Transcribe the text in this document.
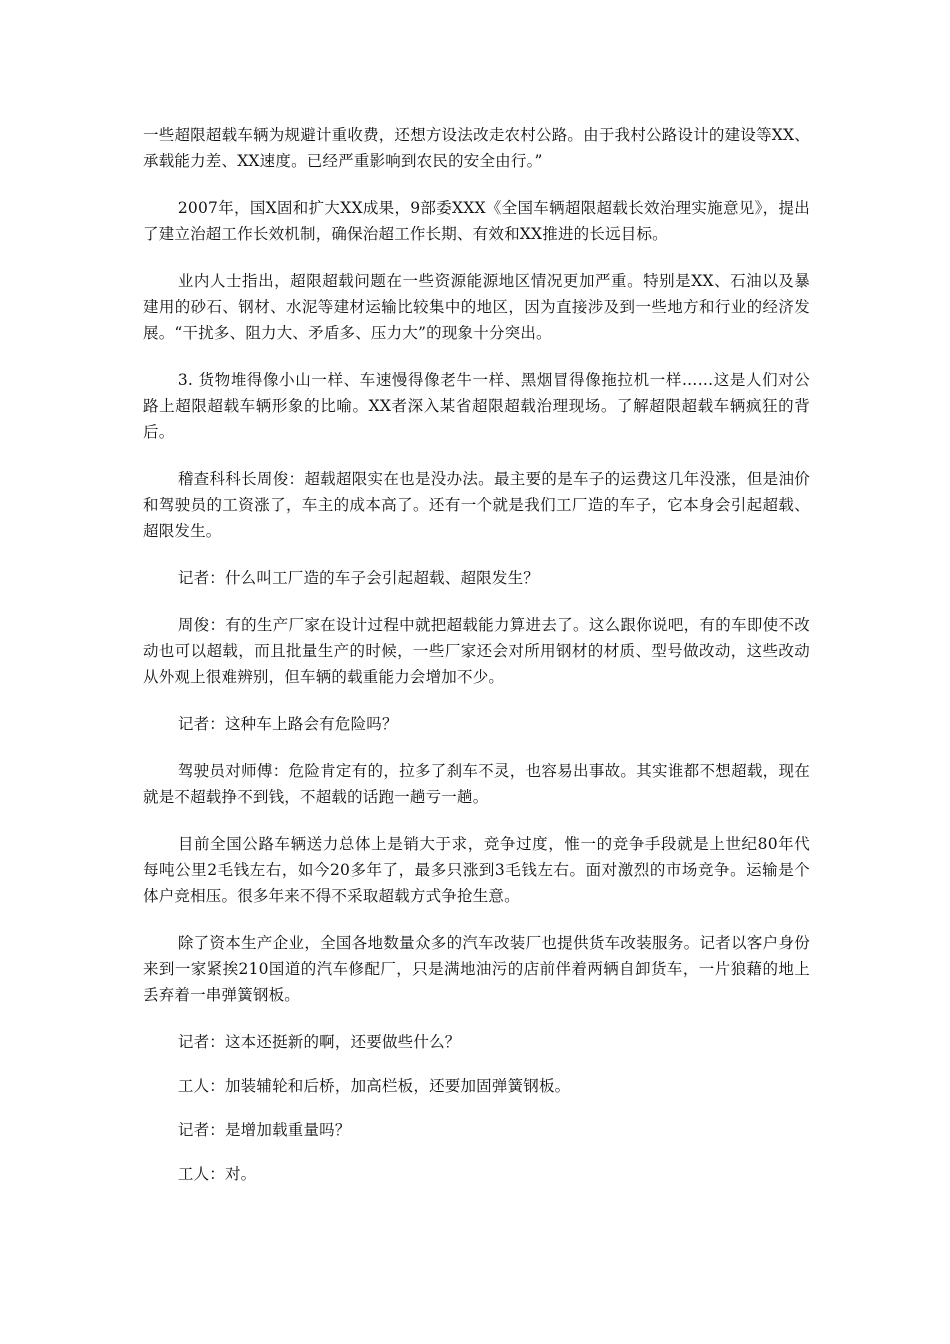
一些超限超载车辆为规避计重收费，还想方设法改走农村公路。由于我村公路设计的建设等XX、承载能力差、XX速度。已经严重影响到农民的安全由行。”

2007年，国X固和扩大XX成果，9部委XXX《全国车辆超限超载长效治理实施意见》，提出了建立治超工作长效机制，确保治超工作长期、有效和XX推进的长远目标。

业内人士指出，超限超载问题在一些资源能源地区情况更加严重。特别是XX、石油以及暴建用的砂石、钢材、水泥等建材运输比较集中的地区，因为直接涉及到一些地方和行业的经济发展。“干扰多、阻力大、矛盾多、压力大”的现象十分突出。

3. 货物堆得像小山一样、车速慢得像老牛一样、黑烟冒得像拖拉机一样……这是人们对公路上超限超载车辆形象的比喻。XX者深入某省超限超载治理现场。了解超限超载车辆疯狂的背后。

稽查科科长周俊：超载超限实在也是没办法。最主要的是车子的运费这几年没涨，但是油价和驾驶员的工资涨了，车主的成本高了。还有一个就是我们工厂造的车子，它本身会引起超载、超限发生。

记者：什么叫工厂造的车子会引起超载、超限发生？

周俊：有的生产厂家在设计过程中就把超载能力算进去了。这么跟你说吧，有的车即使不改动也可以超载，而且批量生产的时候，一些厂家还会对所用钢材的材质、型号做改动，这些改动从外观上很难辨别，但车辆的载重能力会增加不少。

记者：这种车上路会有危险吗？

驾驶员对师傅：危险肯定有的，拉多了刹车不灵，也容易出事故。其实谁都不想超载，现在就是不超载挣不到钱，不超载的话跑一趟亏一趟。

目前全国公路车辆送力总体上是销大于求，竞争过度，惟一的竞争手段就是上世纪80年代每吨公里2毛钱左右，如今20多年了，最多只涨到3毛钱左右。面对激烈的市场竞争。运输是个体户竞相压。很多年来不得不采取超载方式争抢生意。

除了资本生产企业，全国各地数量众多的汽车改装厂也提供货车改装服务。记者以客户身份来到一家紧挨210国道的汽车修配厂，只是满地油污的店前伴着两辆自卸货车，一片狼藉的地上丢弃着一串弹簧钢板。

记者：这本还挺新的啊，还要做些什么？

工人：加装辅轮和后桥，加高栏板，还要加固弹簧钢板。

记者：是增加载重量吗？

工人：对。
